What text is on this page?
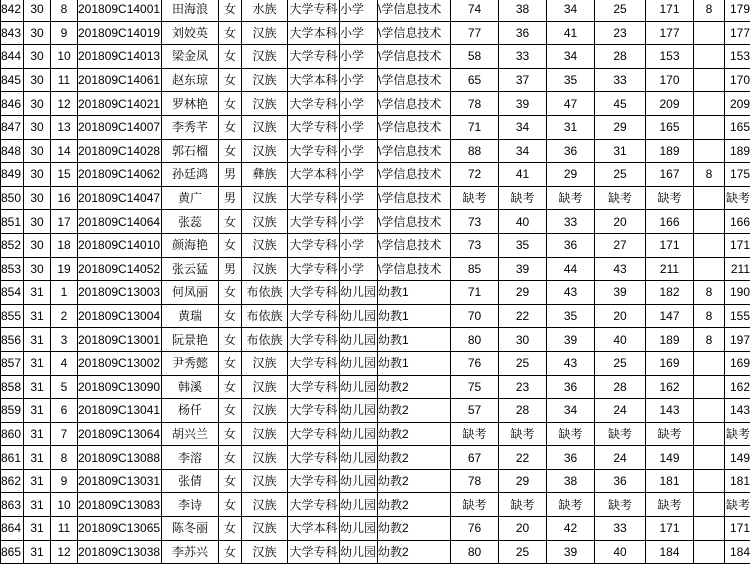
842	30	8	201809C14001	田海浪	女	水族	大学专科	小学	\学信息技术	74	38	34	25	171	8	179
843	30	9	201809C14019	刘姣英	女	汉族	大学本科	小学	\学信息技术	77	36	41	23	177		177
844	30	10	201809C14013	梁金凤	女	汉族	大学专科	小学	\学信息技术	58	33	34	28	153		153
845	30	11	201809C14061	赵东琼	女	汉族	大学本科	小学	\学信息技术	65	37	35	33	170		170
846	30	12	201809C14021	罗林艳	女	汉族	大学专科	小学	\学信息技术	78	39	47	45	209		209
847	30	13	201809C14007	李秀芊	女	汉族	大学专科	小学	\学信息技术	71	34	31	29	165		165
848	30	14	201809C14028	郭石榴	女	汉族	大学专科	小学	\学信息技术	88	34	36	31	189		189
849	30	15	201809C14062	孙廷鸿	男	彝族	大学本科	小学	\学信息技术	72	41	29	25	167	8	175
850	30	16	201809C14047	黄广	男	汉族	大学专科	小学	\学信息技术	缺考	缺考	缺考	缺考	缺考		缺考
851	30	17	201809C14064	张蕊	女	汉族	大学专科	小学	\学信息技术	73	40	33	20	166		166
852	30	18	201809C14010	颜海艳	女	汉族	大学专科	小学	\学信息技术	73	35	36	27	171		171
853	30	19	201809C14052	张云猛	男	汉族	大学专科	小学	\学信息技术	85	39	44	43	211		211
854	31	1	201809C13003	何凤丽	女	布依族	大学专科	幼儿园	幼教1	71	29	43	39	182	8	190
855	31	2	201809C13004	黄瑞	女	布依族	大学专科	幼儿园	幼教1	70	22	35	20	147	8	155
856	31	3	201809C13001	阮景艳	女	布依族	大学专科	幼儿园	幼教1	80	30	39	40	189	8	197
857	31	4	201809C13002	尹秀懿	女	汉族	大学专科	幼儿园	幼教1	76	25	43	25	169		169
858	31	5	201809C13090	韩溪	女	汉族	大学专科	幼儿园	幼教2	75	23	36	28	162		162
859	31	6	201809C13041	杨仟	女	汉族	大学专科	幼儿园	幼教2	57	28	34	24	143		143
860	31	7	201809C13064	胡兴兰	女	汉族	大学专科	幼儿园	幼教2	缺考	缺考	缺考	缺考	缺考		缺考
861	31	8	201809C13088	李溶	女	汉族	大学专科	幼儿园	幼教2	67	22	36	24	149		149
862	31	9	201809C13031	张倩	女	汉族	大学专科	幼儿园	幼教2	78	29	38	36	181		181
863	31	10	201809C13083	李诗	女	汉族	大学专科	幼儿园	幼教2	缺考	缺考	缺考	缺考	缺考		缺考
864	31	11	201809C13065	陈冬丽	女	汉族	大学本科	幼儿园	幼教2	76	20	42	33	171		171
865	31	12	201809C13038	李苏兴	女	汉族	大学专科	幼儿园	幼教2	80	25	39	40	184		184
